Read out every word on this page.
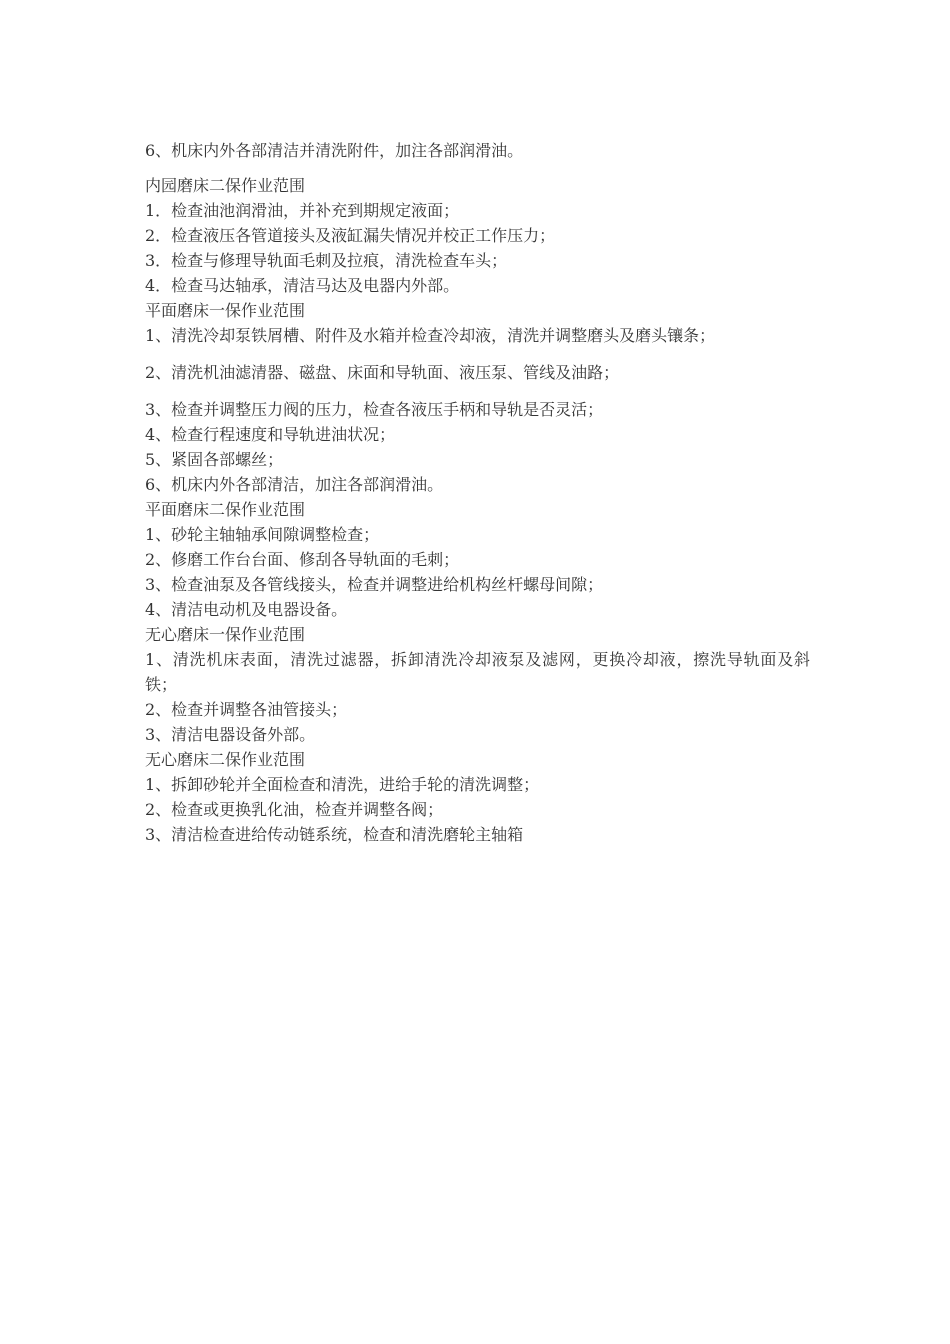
6、机床内外各部清洁并清洗附件，加注各部润滑油。
内园磨床二保作业范围
1．检查油池润滑油，并补充到期规定液面；
2．检查液压各管道接头及液缸漏失情况并校正工作压力；
3．检查与修理导轨面毛刺及拉痕，清洗检查车头；
4．检查马达轴承，清洁马达及电器内外部。
平面磨床一保作业范围
1、清洗冷却泵铁屑槽、附件及水箱并检查冷却液，清洗并调整磨头及磨头镶条；
2、清洗机油滤清器、磁盘、床面和导轨面、液压泵、管线及油路；
3、检查并调整压力阀的压力，检查各液压手柄和导轨是否灵活；
4、检查行程速度和导轨进油状况；
5、紧固各部螺丝；
6、机床内外各部清洁，加注各部润滑油。
平面磨床二保作业范围
1、砂轮主轴轴承间隙调整检查；
2、修磨工作台台面、修刮各导轨面的毛刺；
3、检查油泵及各管线接头，检查并调整进给机构丝杆螺母间隙；
4、清洁电动机及电器设备。
无心磨床一保作业范围
1、清洗机床表面，清洗过滤器，拆卸清洗冷却液泵及滤网，更换冷却液，擦洗导轨面及斜铁；
2、检查并调整各油管接头；
3、清洁电器设备外部。
无心磨床二保作业范围
1、拆卸砂轮并全面检查和清洗，进给手轮的清洗调整；
2、检查或更换乳化油，检查并调整各阀；
3、清洁检查进给传动链系统，检查和清洗磨轮主轴箱
